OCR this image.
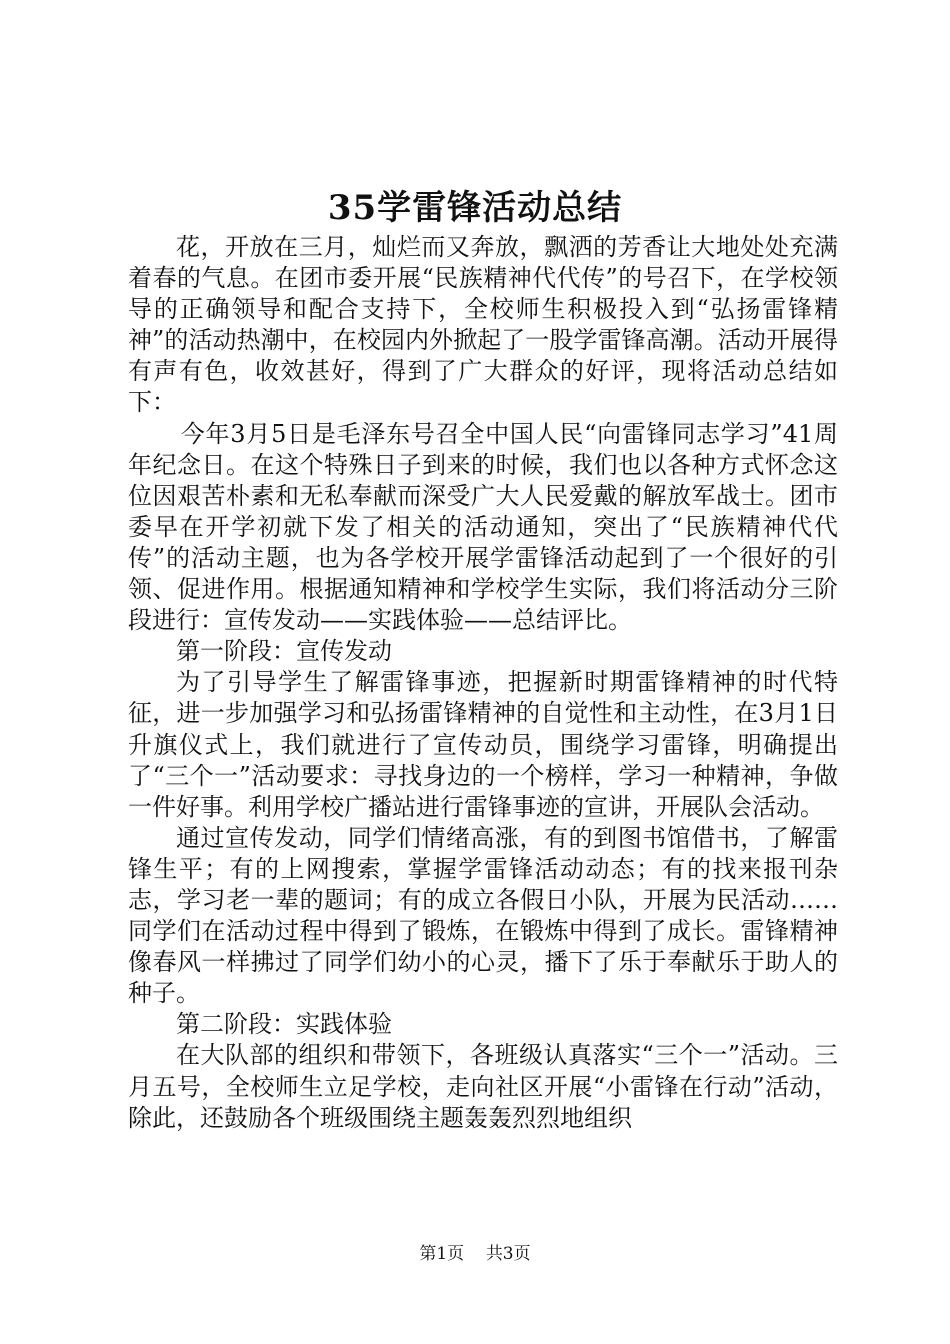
35学雷锋活动总结

花，开放在三月，灿烂而又奔放，飘洒的芳香让大地处处充满着春的气息。在团市委开展“民族精神代代传”的号召下，在学校领导的正确领导和配合支持下，全校师生积极投入到“弘扬雷锋精神”的活动热潮中，在校园内外掀起了一股学雷锋高潮。活动开展得有声有色，收效甚好，得到了广大群众的好评，现将活动总结如下：

今年3月5日是毛泽东号召全中国人民“向雷锋同志学习”41周年纪念日。在这个特殊日子到来的时候，我们也以各种方式怀念这位因艰苦朴素和无私奉献而深受广大人民爱戴的解放军战士。团市委早在开学初就下发了相关的活动通知，突出了“民族精神代代传”的活动主题，也为各学校开展学雷锋活动起到了一个很好的引领、促进作用。根据通知精神和学校学生实际，我们将活动分三阶段进行：宣传发动——实践体验——总结评比。

第一阶段：宣传发动

为了引导学生了解雷锋事迹，把握新时期雷锋精神的时代特征，进一步加强学习和弘扬雷锋精神的自觉性和主动性，在3月1日升旗仪式上，我们就进行了宣传动员，围绕学习雷锋，明确提出了“三个一”活动要求：寻找身边的一个榜样，学习一种精神，争做一件好事。利用学校广播站进行雷锋事迹的宣讲，开展队会活动。

通过宣传发动，同学们情绪高涨，有的到图书馆借书，了解雷锋生平；有的上网搜索，掌握学雷锋活动动态；有的找来报刊杂志，学习老一辈的题词；有的成立各假日小队，开展为民活动……同学们在活动过程中得到了锻炼，在锻炼中得到了成长。雷锋精神像春风一样拂过了同学们幼小的心灵，播下了乐于奉献乐于助人的种子。

第二阶段：实践体验

在大队部的组织和带领下，各班级认真落实“三个一”活动。三月五号，全校师生立足学校，走向社区开展“小雷锋在行动”活动，除此，还鼓励各个班级围绕主题轰轰烈烈地组织

第1页 共3页
